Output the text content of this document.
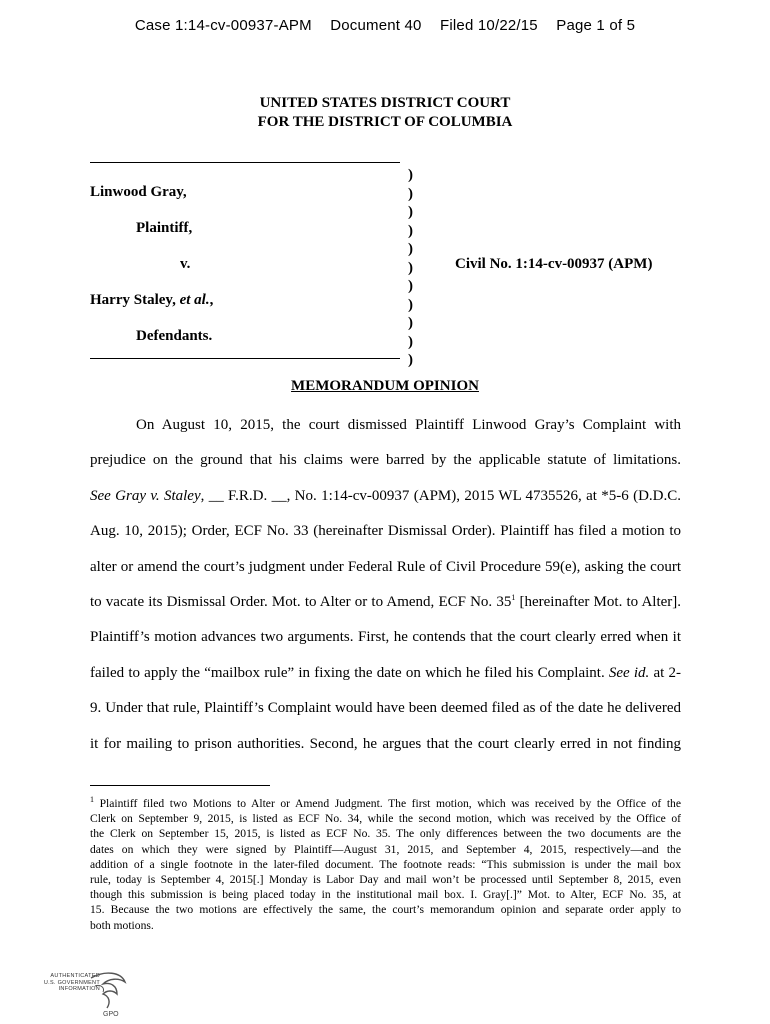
Case 1:14-cv-00937-APM Document 40 Filed 10/22/15 Page 1 of 5
UNITED STATES DISTRICT COURT
FOR THE DISTRICT OF COLUMBIA
Linwood Gray,
Plaintiff,
v.
Harry Staley, et al.,
Defendants.
)
)
)
)
)
)
)
)
)
)
)
Civil No. 1:14-cv-00937 (APM)
MEMORANDUM OPINION
On August 10, 2015, the court dismissed Plaintiff Linwood Gray’s Complaint with
prejudice on the ground that his claims were barred by the applicable statute of limitations.
See Gray v. Staley, __ F.R.D. __, No. 1:14-cv-00937 (APM), 2015 WL 4735526, at *5-6 (D.D.C.
Aug. 10, 2015); Order, ECF No. 33 (hereinafter Dismissal Order). Plaintiff has filed a motion to
alter or amend the court’s judgment under Federal Rule of Civil Procedure 59(e), asking the court
to vacate its Dismissal Order. Mot. to Alter or to Amend, ECF No. $35^1$ [hereinafter Mot. to Alter].
Plaintiff’s motion advances two arguments. First, he contends that the court clearly erred when it
failed to apply the “mailbox rule” in fixing the date on which he filed his Complaint. See id. at 2-
9. Under that rule, Plaintiff’s Complaint would have been deemed filed as of the date he delivered
it for mailing to prison authorities. Second, he argues that the court clearly erred in not finding
$^1$ Plaintiff filed two Motions to Alter or Amend Judgment. The first motion, which was received by the Office of the
Clerk on September 9, 2015, is listed as ECF No. 34, while the second motion, which was received by the Office of
the Clerk on September 15, 2015, is listed as ECF No. 35. The only differences between the two documents are the
dates on which they were signed by Plaintiff—August 31, 2015, and September 4, 2015, respectively—and the
addition of a single footnote in the later-filed document. The footnote reads: “This submission is under the mail box
rule, today is September 4, 2015[.] Monday is Labor Day and mail won’t be processed until September 8, 2015, even
though this submission is being placed today in the institutional mail box. I. Gray[.]” Mot. to Alter, ECF No. 35, at
15. Because the two motions are effectively the same, the court’s memorandum opinion and separate order apply to
both motions.
AUTHENTICATED
U.S. GOVERNMENT
INFORMATION
GPO
